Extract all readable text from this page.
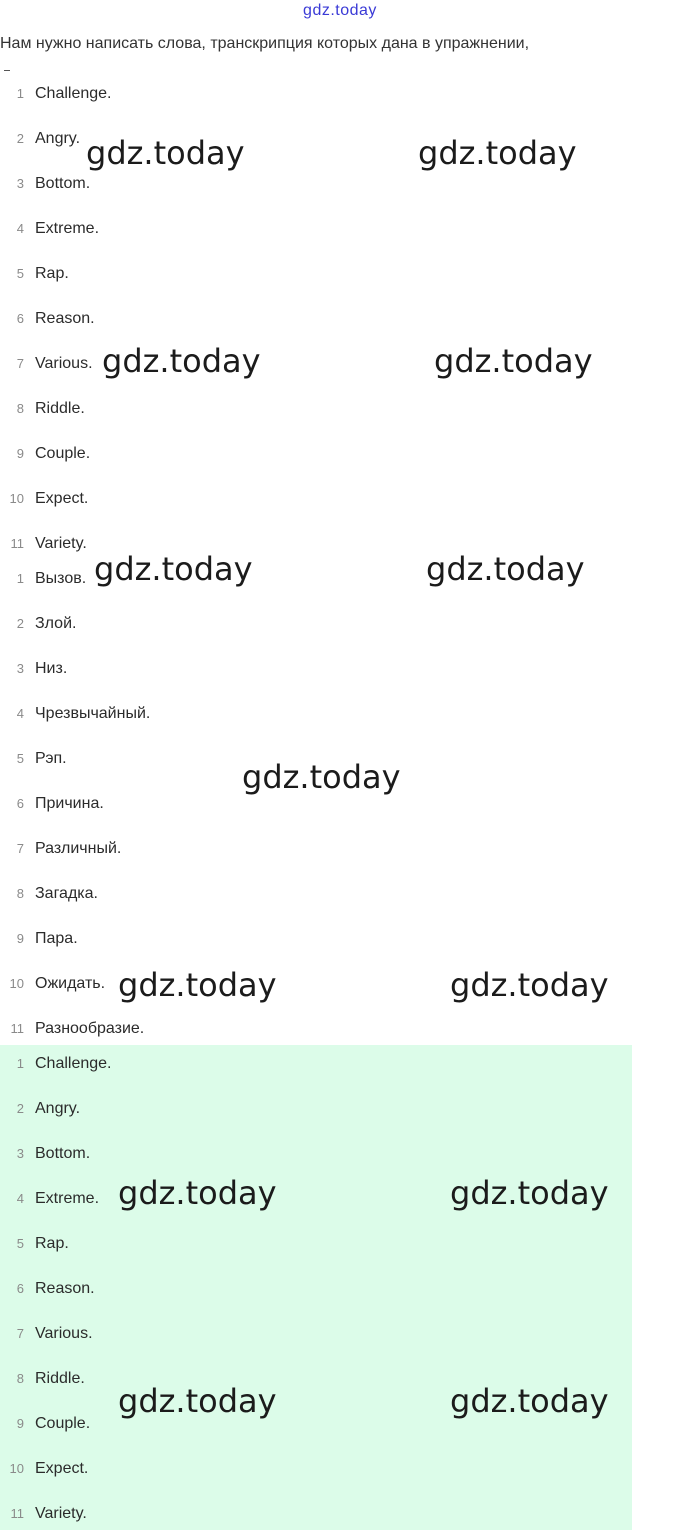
gdz.today
Нам нужно написать слова, транскрипция которых дана в упражнении,
1 Challenge.
2 Angry.
3 Bottom.
4 Extreme.
5 Rap.
6 Reason.
7 Various.
8 Riddle.
9 Couple.
10 Expect.
11 Variety.
1 Вызов.
2 Злой.
3 Низ.
4 Чрезвычайный.
5 Рэп.
6 Причина.
7 Различный.
8 Загадка.
9 Пара.
10 Ожидать.
11 Разнообразие.
1 Challenge.
2 Angry.
3 Bottom.
4 Extreme.
5 Rap.
6 Reason.
7 Various.
8 Riddle.
9 Couple.
10 Expect.
11 Variety.
gdz.today	gdz.today
gdz.today	gdz.today
gdz.today	gdz.today
gdz.today
gdz.today	gdz.today
gdz.today	gdz.today
gdz.today	gdz.today
